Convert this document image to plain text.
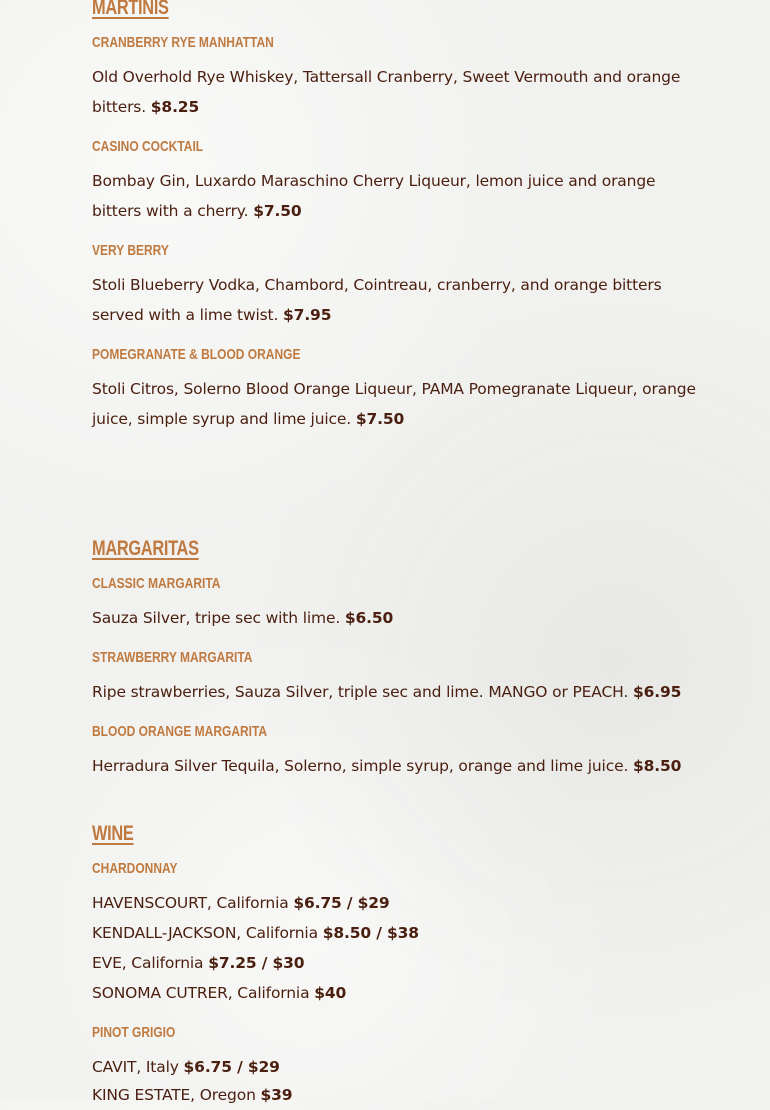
MARTINIS
CRANBERRY RYE MANHATTAN

Old Overhold Rye Whiskey, Tattersall Cranberry, Sweet Vermouth and orange bitters. $8.25

CASINO COCKTAIL

Bombay Gin, Luxardo Maraschino Cherry Liqueur, lemon juice and orange bitters with a cherry. $7.50

VERY BERRY

Stoli Blueberry Vodka, Chambord, Cointreau, cranberry, and orange bitters served with a lime twist. $7.95

POMEGRANATE & BLOOD ORANGE

Stoli Citros, Solerno Blood Orange Liqueur, PAMA Pomegranate Liqueur, orange juice, simple syrup and lime juice. $7.50

MARGARITAS
CLASSIC MARGARITA

Sauza Silver, tripe sec with lime. $6.50

STRAWBERRY MARGARITA

Ripe strawberries, Sauza Silver, triple sec and lime. MANGO or PEACH. $6.95

BLOOD ORANGE MARGARITA

Herradura Silver Tequila, Solerno, simple syrup, orange and lime juice. $8.50

WINE
CHARDONNAY

HAVENSCOURT, California $6.75 / $29

KENDALL-JACKSON, California $8.50 / $38

EVE, California $7.25 / $30

SONOMA CUTRER, California $40

PINOT GRIGIO

CAVIT, Italy $6.75 / $29

KING ESTATE, Oregon $39
